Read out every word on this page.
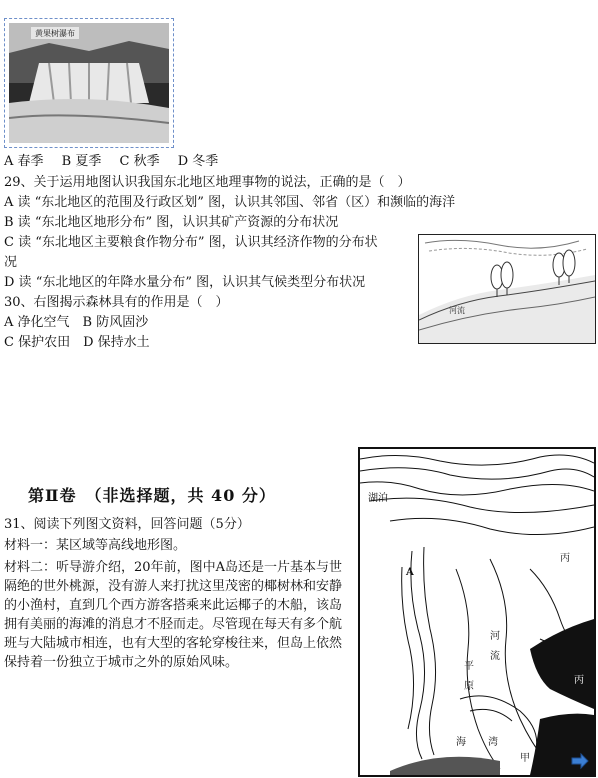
黄果树瀑布
A 春季 B 夏季 C 秋季 D 冬季
29、关于运用地图认识我国东北地区地理事物的说法，正确的是（　）
A 读 “东北地区的范围及行政区划” 图，认识其邻国、邻省（区）和濒临的海洋
B 读 “东北地区地形分布” 图，认识其矿产资源的分布状况
C 读 “东北地区主要粮食作物分布” 图，认识其经济作物的分布状
况
D 读 “东北地区的年降水量分布” 图，认识其气候类型分布状况
30、右图揭示森林具有的作用是（　）
A 净化空气　B 防风固沙
C 保护农田　D 保持水土
河流
第Ⅱ卷　（非选择题，共 40 分）
31、阅读下列图文资料，回答问题（5分）
材料一：某区域等高线地形图。
材料二：听导游介绍，20年前，图中A岛还是一片基本与世隔绝的世外桃源，没有游人来打扰这里茂密的椰树林和安静的小渔村，直到几个西方游客搭乘来此运椰子的木船，该岛拥有美丽的海滩的消息才不胫而走。尽管现在每天有多个航班与大陆城市相连，也有大型的客轮穿梭往来，但岛上依然保持着一份独立于城市之外的原始风味。
湖泊
A
丙
河
流
平
原
甲
丙
海 湾
